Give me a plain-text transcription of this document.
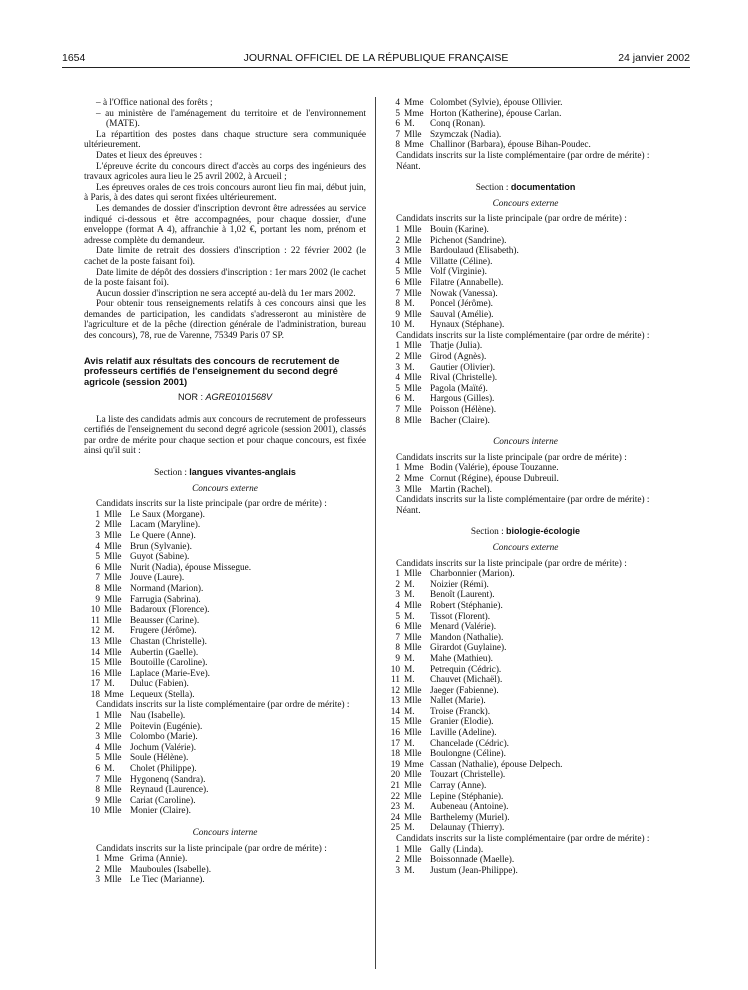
1654	JOURNAL OFFICIEL DE LA RÉPUBLIQUE FRANÇAISE	24 janvier 2002

– à l'Office national des forêts ;

– au ministère de l'aménagement du territoire et de l'environnement (MATE).

La répartition des postes dans chaque structure sera communiquée ultérieurement.

Dates et lieux des épreuves :

L'épreuve écrite du concours direct d'accès au corps des ingénieurs des travaux agricoles aura lieu le 25 avril 2002, à Arcueil ;

Les épreuves orales de ces trois concours auront lieu fin mai, début juin, à Paris, à des dates qui seront fixées ultérieurement.

Les demandes de dossier d'inscription devront être adressées au service indiqué ci-dessous et être accompagnées, pour chaque dossier, d'une enveloppe (format A 4), affranchie à 1,02 €, portant les nom, prénom et adresse complète du demandeur.

Date limite de retrait des dossiers d'inscription : 22 février 2002 (le cachet de la poste faisant foi).

Date limite de dépôt des dossiers d'inscription : 1er mars 2002 (le cachet de la poste faisant foi).

Aucun dossier d'inscription ne sera accepté au-delà du 1er mars 2002.

Pour obtenir tous renseignements relatifs à ces concours ainsi que les demandes de participation, les candidats s'adresseront au ministère de l'agriculture et de la pêche (direction générale de l'administration, bureau des concours), 78, rue de Varenne, 75349 Paris 07 SP.

Avis relatif aux résultats des concours de recrutement de professeurs certifiés de l'enseignement du second degré agricole (session 2001)

NOR : AGRE0101568V

La liste des candidats admis aux concours de recrutement de professeurs certifiés de l'enseignement du second degré agricole (session 2001), classés par ordre de mérite pour chaque section et pour chaque concours, est fixée ainsi qu'il suit :

Section : langues vivantes-anglais

Concours externe

Candidats inscrits sur la liste principale (par ordre de mérite) :

1 Mlle Le Saux (Morgane).
2 Mlle Lacam (Maryline).
3 Mlle Le Quere (Anne).
4 Mlle Brun (Sylvanie).
5 Mlle Guyot (Sabine).
6 Mlle Nurit (Nadia), épouse Missegue.
7 Mlle Jouve (Laure).
8 Mlle Normand (Marion).
9 Mlle Farrugia (Sabrina).
10 Mlle Badaroux (Florence).
11 Mlle Beausser (Carine).
12 M. Frugere (Jérôme).
13 Mlle Chastan (Christelle).
14 Mlle Aubertin (Gaelle).
15 Mlle Boutoille (Caroline).
16 Mlle Laplace (Marie-Eve).
17 M. Duluc (Fabien).
18 Mme Lequeux (Stella).

Candidats inscrits sur la liste complémentaire (par ordre de mérite) :

1 Mlle Nau (Isabelle).
2 Mlle Poitevin (Eugénie).
3 Mlle Colombo (Marie).
4 Mlle Jochum (Valérie).
5 Mlle Soule (Hélène).
6 M. Cholet (Philippe).
7 Mlle Hygonenq (Sandra).
8 Mlle Reynaud (Laurence).
9 Mlle Cariat (Caroline).
10 Mlle Monier (Claire).

Concours interne

Candidats inscrits sur la liste principale (par ordre de mérite) :

1 Mme Grima (Annie).
2 Mlle Mauboules (Isabelle).
3 Mlle Le Tiec (Marianne).
4 Mme Colombet (Sylvie), épouse Ollivier.
5 Mme Horton (Katherine), épouse Carlan.
6 M. Conq (Ronan).
7 Mlle Szymczak (Nadia).
8 Mme Challinor (Barbara), épouse Bihan-Poudec.

Candidats inscrits sur la liste complémentaire (par ordre de mérite) :

Néant.

Section : documentation

Concours externe

Candidats inscrits sur la liste principale (par ordre de mérite) :

1 Mlle Bouin (Karine).
2 Mlle Pichenot (Sandrine).
3 Mlle Bardoulaud (Elisabeth).
4 Mlle Villatte (Céline).
5 Mlle Volf (Virginie).
6 Mlle Filatre (Annabelle).
7 Mlle Nowak (Vanessa).
8 M. Poncel (Jérôme).
9 Mlle Sauval (Amélie).
10 M. Hynaux (Stéphane).

Candidats inscrits sur la liste complémentaire (par ordre de mérite) :

1 Mlle Thatje (Julia).
2 Mlle Girod (Agnès).
3 M. Gautier (Olivier).
4 Mlle Rival (Christelle).
5 Mlle Pagola (Maïté).
6 M. Hargous (Gilles).
7 Mlle Poisson (Hélène).
8 Mlle Bacher (Claire).

Concours interne

Candidats inscrits sur la liste principale (par ordre de mérite) :

1 Mme Bodin (Valérie), épouse Touzanne.
2 Mme Cornut (Régine), épouse Dubreuil.
3 Mlle Martin (Rachel).

Candidats inscrits sur la liste complémentaire (par ordre de mérite) :

Néant.

Section : biologie-écologie

Concours externe

Candidats inscrits sur la liste principale (par ordre de mérite) :

1 Mlle Charbonnier (Marion).
2 M. Noizier (Rémi).
3 M. Benoît (Laurent).
4 Mlle Robert (Stéphanie).
5 M. Tissot (Florent).
6 Mlle Menard (Valérie).
7 Mlle Mandon (Nathalie).
8 Mlle Girardot (Guylaine).
9 M. Mahe (Mathieu).
10 M. Petrequin (Cédric).
11 M. Chauvet (Michaël).
12 Mlle Jaeger (Fabienne).
13 Mlle Nallet (Marie).
14 M. Troise (Franck).
15 Mlle Granier (Elodie).
16 Mlle Laville (Adeline).
17 M. Chancelade (Cédric).
18 Mlle Boulongne (Céline).
19 Mme Cassan (Nathalie), épouse Delpech.
20 Mlle Touzart (Christelle).
21 Mlle Carray (Anne).
22 Mlle Lepine (Stéphanie).
23 M. Aubeneau (Antoine).
24 Mlle Barthelemy (Muriel).
25 M. Delaunay (Thierry).

Candidats inscrits sur la liste complémentaire (par ordre de mérite) :

1 Mlle Gally (Linda).
2 Mlle Boissonnade (Maelle).
3 M. Justum (Jean-Philippe).
